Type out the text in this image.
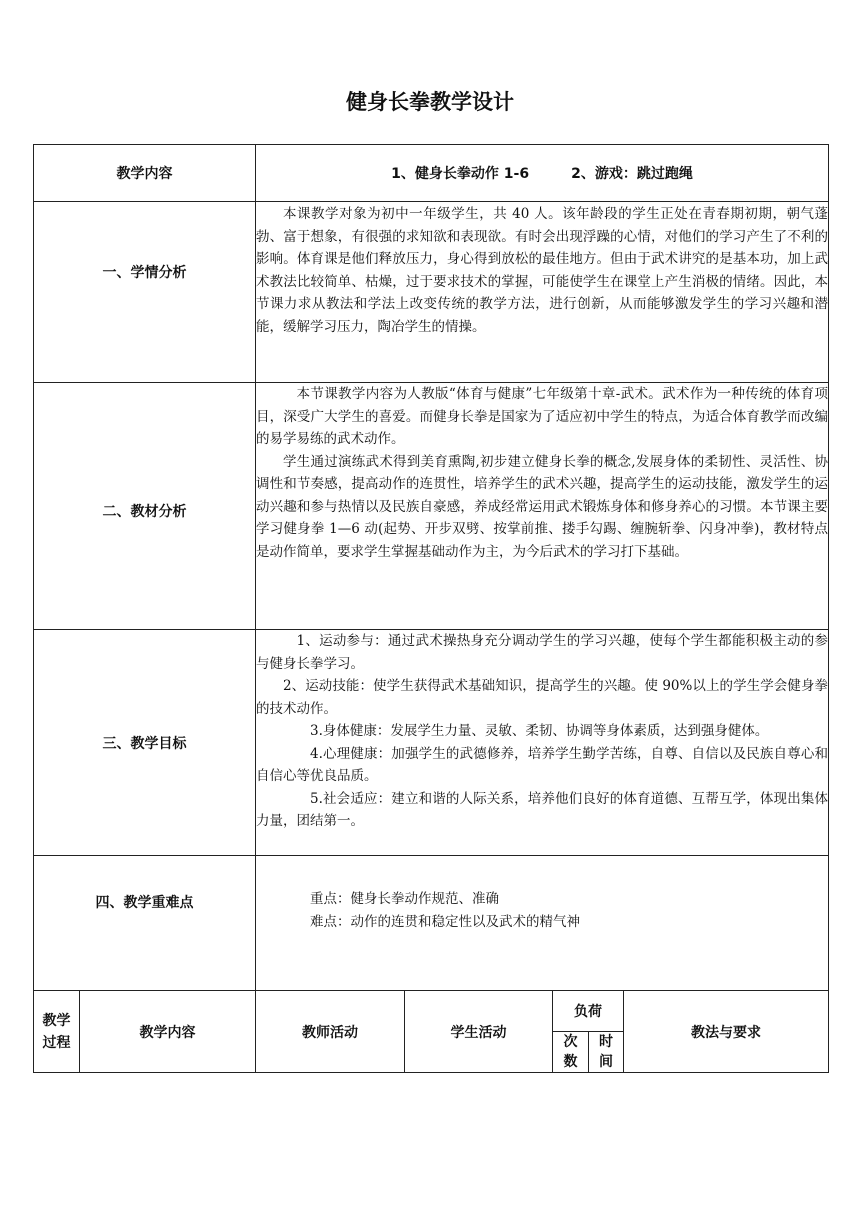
健身长拳教学设计
教学内容		1、健身长拳动作 1-6 2、游戏：跳过跑绳				
一、学情分析		本课教学对象为初中一年级学生，共 40 人。该年龄段的学生正处在青春期初期，朝气蓬勃、富于想象，有很强的求知欲和表现欲。有时会出现浮躁的心情，对他们的学习产生了不利的影响。体育课是他们释放压力，身心得到放松的最佳地方。但由于武术讲究的是基本功，加上武术教法比较简单、枯燥，过于要求技术的掌握，可能使学生在课堂上产生消极的情绪。因此，本节课力求从教法和学法上改变传统的教学方法，进行创新，从而能够激发学生的学习兴趣和潜能，缓解学习压力，陶冶学生的情操。				

二、教材分析		本节课教学内容为人教版“体育与健康”七年级第十章-武术。武术作为一种传统的体育项目，深受广大学生的喜爱。而健身长拳是国家为了适应初中学生的特点，为适合体育教学而改编的易学易练的武术动作。

学生通过演练武术得到美育熏陶,初步建立健身长拳的概念,发展身体的柔韧性、灵活性、协调性和节奏感，提高动作的连贯性，培养学生的武术兴趣，提高学生的运动技能，激发学生的运动兴趣和参与热情以及民族自豪感，养成经常运用武术锻炼身体和修身养心的习惯。本节课主要学习健身拳 1—6 动(起势、开步双劈、按掌前推、搂手勾踢、缠腕斩拳、闪身冲拳)，教材特点是动作简单，要求学生掌握基础动作为主，为今后武术的学习打下基础。				

三、教学目标		1、运动参与：通过武术操热身充分调动学生的学习兴趣，使每个学生都能积极主动的参与健身长拳学习。

2、运动技能：使学生获得武术基础知识，提高学生的兴趣。使 90%以上的学生学会健身拳的技术动作。

3.身体健康：发展学生力量、灵敏、柔韧、协调等身体素质，达到强身健体。

4.心理健康：加强学生的武德修养，培养学生勤学苦练，自尊、自信以及民族自尊心和自信心等优良品质。

5.社会适应：建立和谐的人际关系，培养他们良好的体育道德、互帮互学，体现出集体力量，团结第一。				

四、教学重难点		重点：健身长拳动作规范、准确

难点：动作的连贯和稳定性以及武术的精气神				

教学过程	教学内容	教师活动	学生活动	负荷		教法与要求
				次数	时间	
